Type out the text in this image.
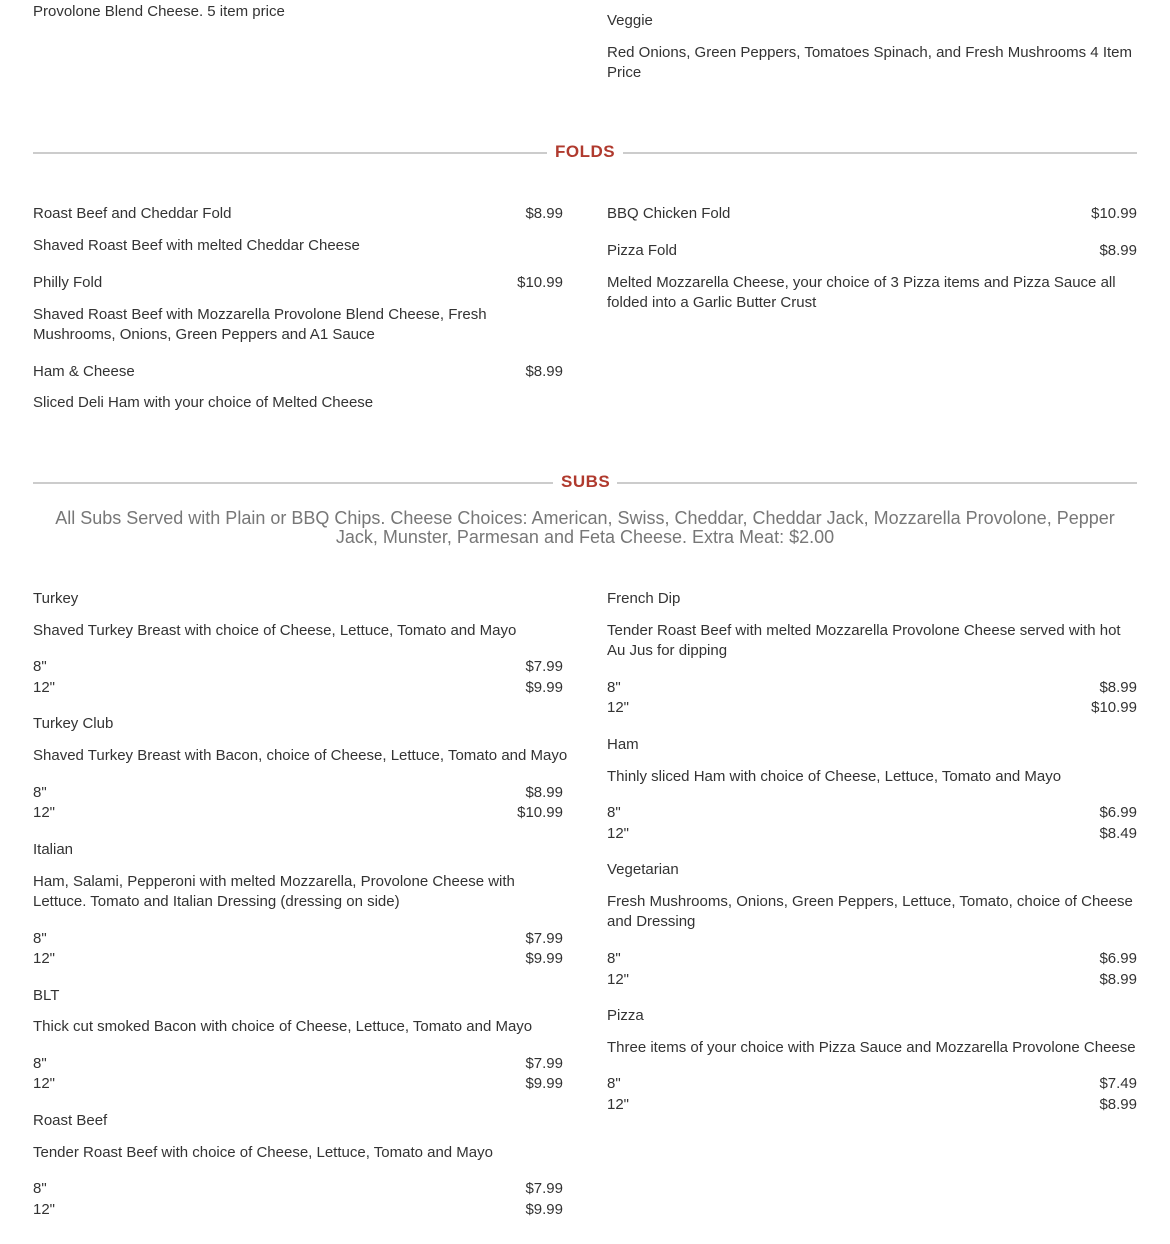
Provolone Blend Cheese. 5 item price
Veggie
Red Onions, Green Peppers, Tomatoes Spinach, and Fresh Mushrooms 4 Item Price
FOLDS
Roast Beef and Cheddar Fold	$8.99
Shaved Roast Beef with melted Cheddar Cheese
Philly Fold	$10.99
Shaved Roast Beef with Mozzarella Provolone Blend Cheese, Fresh Mushrooms, Onions, Green Peppers and A1 Sauce
Ham & Cheese	$8.99
Sliced Deli Ham with your choice of Melted Cheese
BBQ Chicken Fold	$10.99
Pizza Fold	$8.99
Melted Mozzarella Cheese, your choice of 3 Pizza items and Pizza Sauce all folded into a Garlic Butter Crust
SUBS
All Subs Served with Plain or BBQ Chips. Cheese Choices: American, Swiss, Cheddar, Cheddar Jack, Mozzarella Provolone, Pepper Jack, Munster, Parmesan and Feta Cheese. Extra Meat: $2.00
Turkey
Shaved Turkey Breast with choice of Cheese, Lettuce, Tomato and Mayo
8"	$7.99
12"	$9.99
Turkey Club
Shaved Turkey Breast with Bacon, choice of Cheese, Lettuce, Tomato and Mayo
8"	$8.99
12"	$10.99
Italian
Ham, Salami, Pepperoni with melted Mozzarella, Provolone Cheese with Lettuce. Tomato and Italian Dressing (dressing on side)
8"	$7.99
12"	$9.99
BLT
Thick cut smoked Bacon with choice of Cheese, Lettuce, Tomato and Mayo
8"	$7.99
12"	$9.99
Roast Beef
Tender Roast Beef with choice of Cheese, Lettuce, Tomato and Mayo
8"	$7.99
12"	$9.99
French Dip
Tender Roast Beef with melted Mozzarella Provolone Cheese served with hot Au Jus for dipping
8"	$8.99
12"	$10.99
Ham
Thinly sliced Ham with choice of Cheese, Lettuce, Tomato and Mayo
8"	$6.99
12"	$8.49
Vegetarian
Fresh Mushrooms, Onions, Green Peppers, Lettuce, Tomato, choice of Cheese and Dressing
8"	$6.99
12"	$8.99
Pizza
Three items of your choice with Pizza Sauce and Mozzarella Provolone Cheese
8"	$7.49
12"	$8.99
